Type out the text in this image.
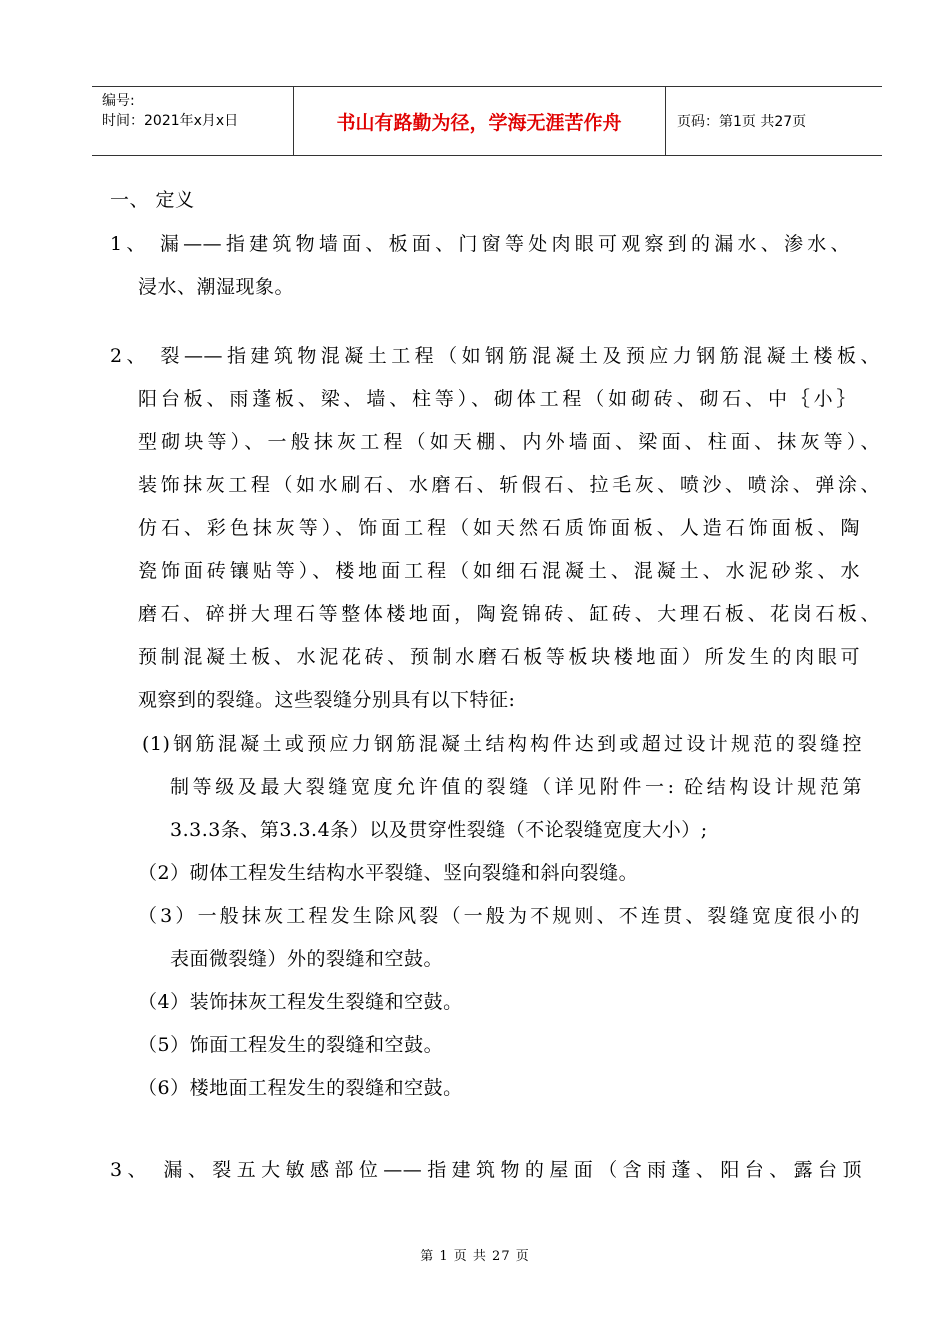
编号:
时间：2021年x月x日	书山有路勤为径，学海无涯苦作舟	页码：第1页 共27页
一、 定义
1、 漏——指建筑物墙面、板面、门窗等处肉眼可观察到的漏水、渗水、
浸水、潮湿现象。
2、 裂——指建筑物混凝土工程（如钢筋混凝土及预应力钢筋混凝土楼板、
阳台板、雨蓬板、梁、墙、柱等）、砌体工程（如砌砖、砌石、中｛小｝
型砌块等）、一般抹灰工程（如天棚、内外墙面、梁面、柱面、抹灰等）、
装饰抹灰工程（如水刷石、水磨石、斩假石、拉毛灰、喷沙、喷涂、弹涂、
仿石、彩色抹灰等）、饰面工程（如天然石质饰面板、人造石饰面板、陶
瓷饰面砖镶贴等）、楼地面工程（如细石混凝土、混凝土、水泥砂浆、水
磨石、碎拼大理石等整体楼地面，陶瓷锦砖、缸砖、大理石板、花岗石板、
预制混凝土板、水泥花砖、预制水磨石板等板块楼地面）所发生的肉眼可
观察到的裂缝。这些裂缝分别具有以下特征:
(1)钢筋混凝土或预应力钢筋混凝土结构构件达到或超过设计规范的裂缝控
制等级及最大裂缝宽度允许值的裂缝（详见附件一: 砼结构设计规范第
3.3.3条、第3.3.4条）以及贯穿性裂缝（不论裂缝宽度大小）;
（2）砌体工程发生结构水平裂缝、竖向裂缝和斜向裂缝。
（3）一般抹灰工程发生除风裂（一般为不规则、不连贯、裂缝宽度很小的
表面微裂缝）外的裂缝和空鼓。
（4）装饰抹灰工程发生裂缝和空鼓。
（5）饰面工程发生的裂缝和空鼓。
（6）楼地面工程发生的裂缝和空鼓。
3、 漏、裂五大敏感部位——指建筑物的屋面（含雨蓬、阳台、露台顶
第 1 页 共 27 页
